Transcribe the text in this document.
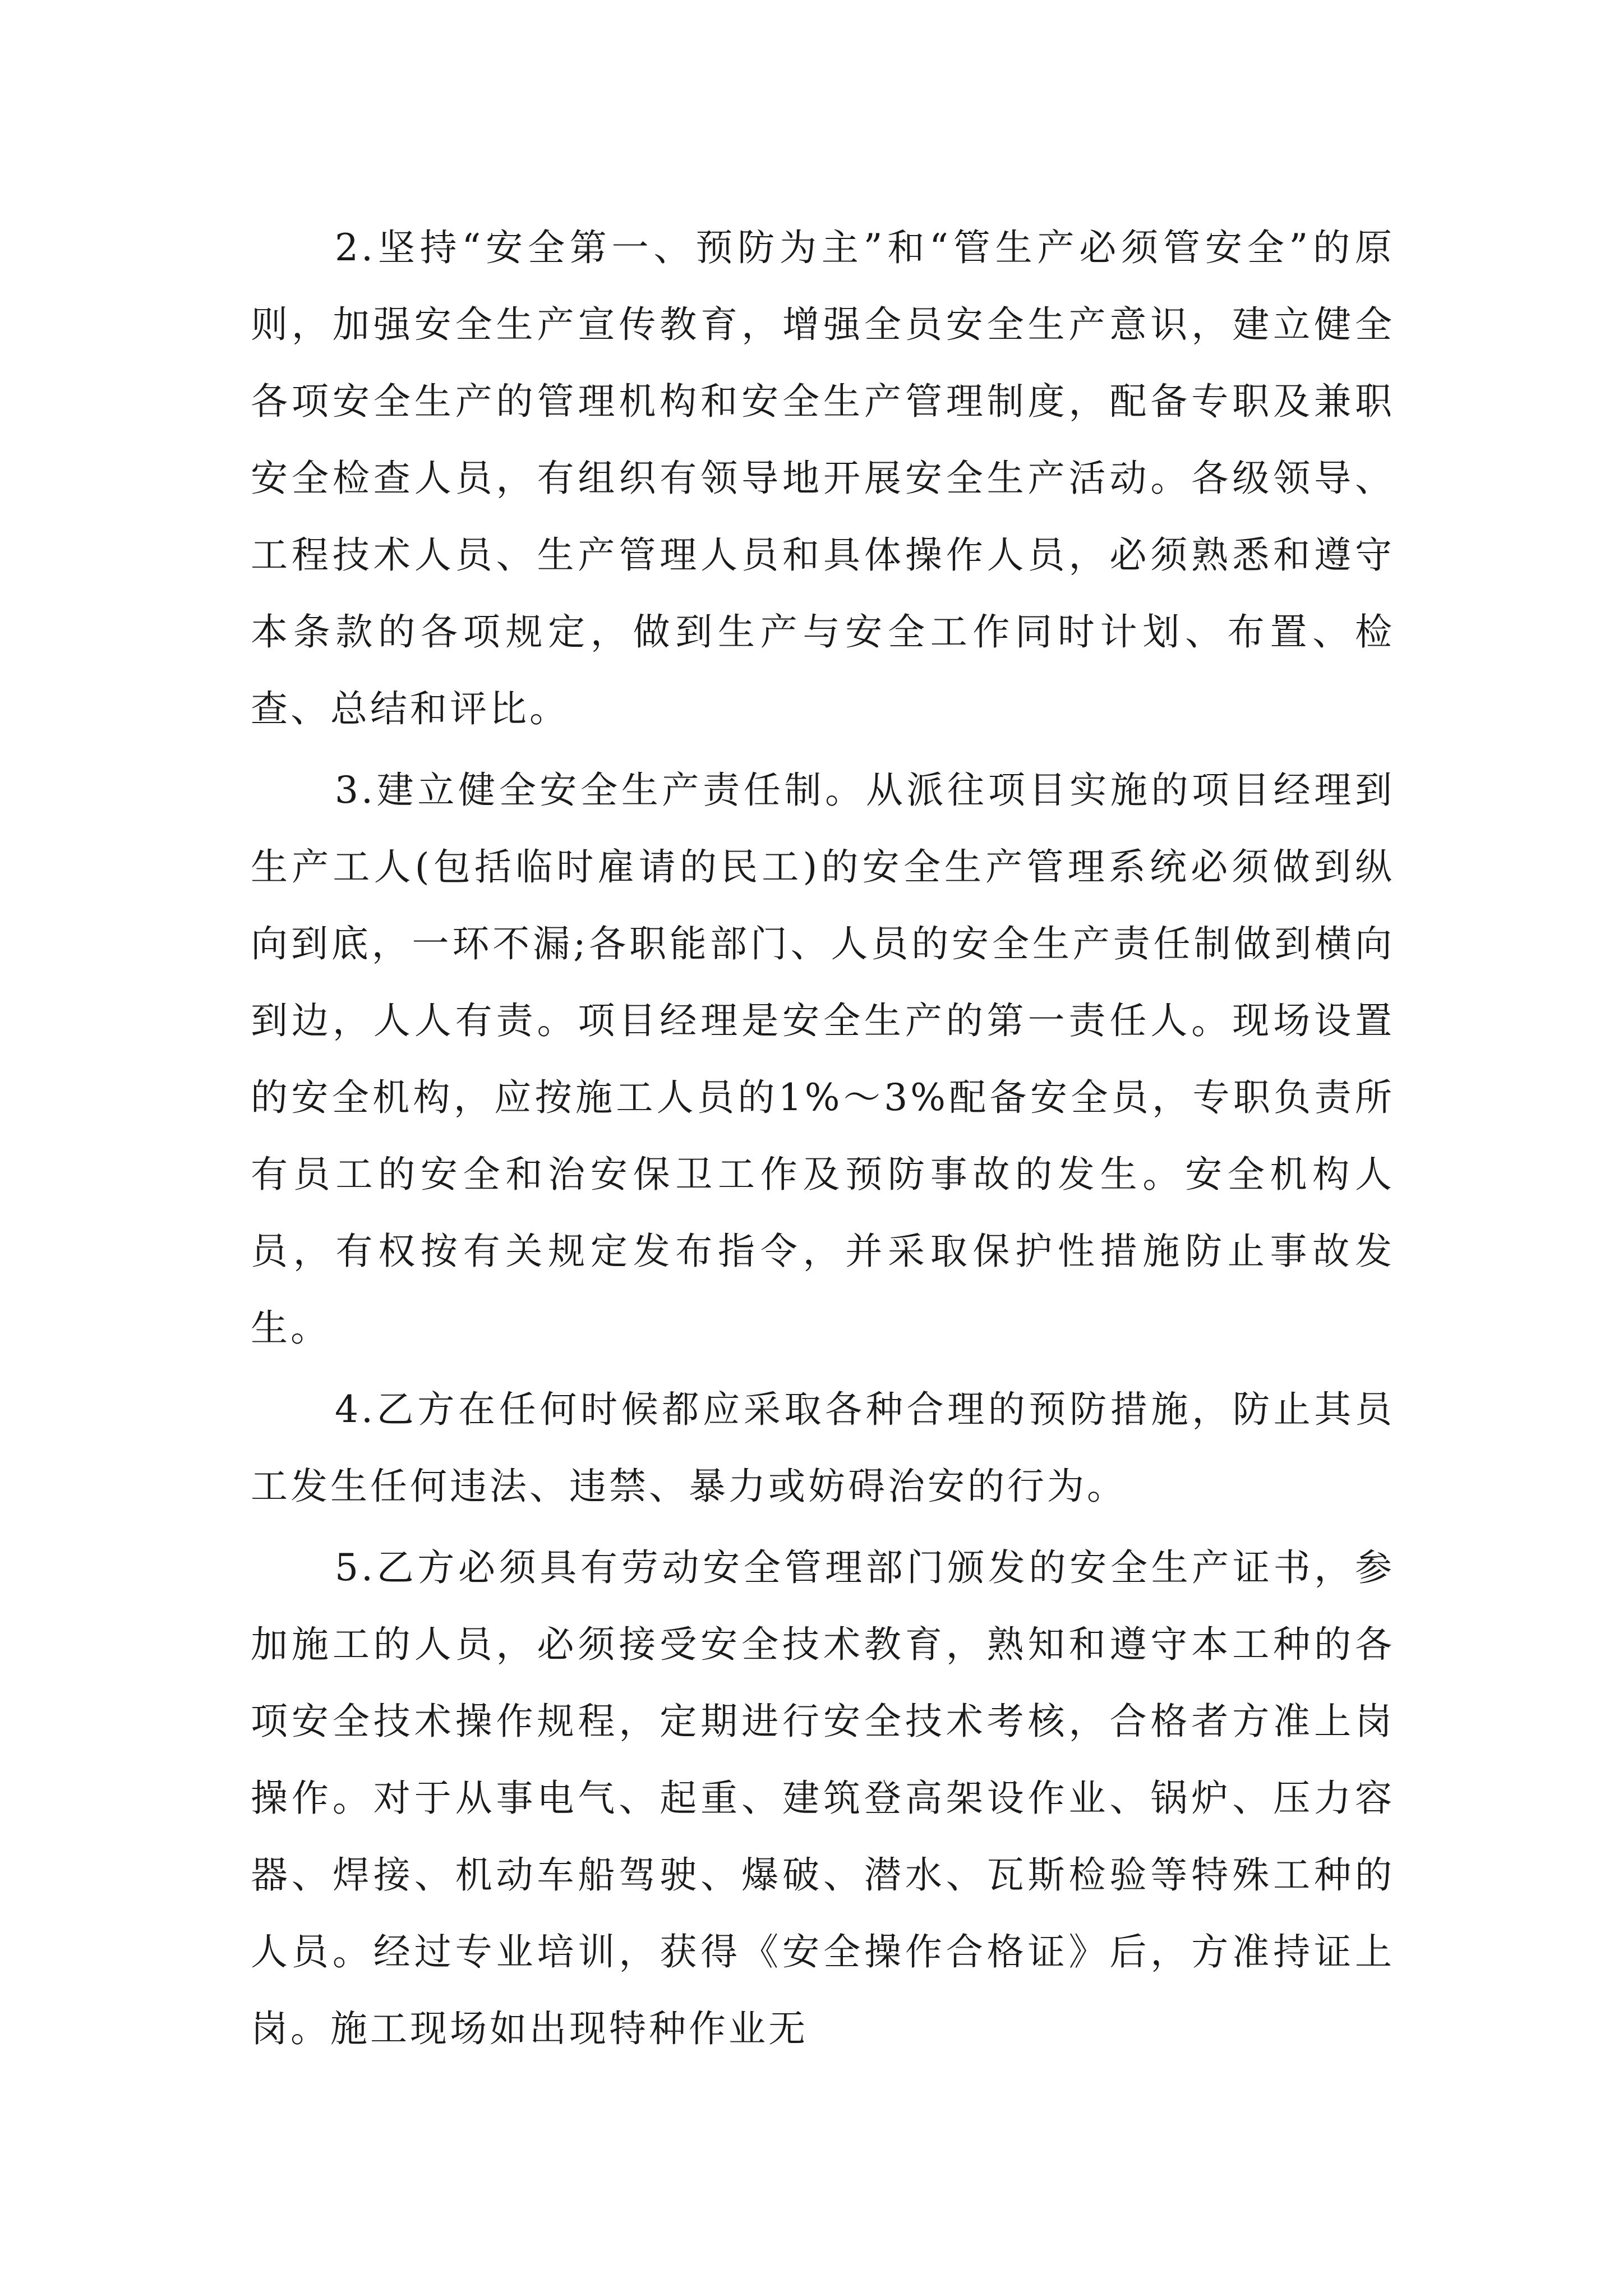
2.坚持“安全第一、预防为主”和“管生产必须管安全”的原则，加强安全生产宣传教育，增强全员安全生产意识，建立健全各项安全生产的管理机构和安全生产管理制度，配备专职及兼职安全检查人员，有组织有领导地开展安全生产活动。各级领导、工程技术人员、生产管理人员和具体操作人员，必须熟悉和遵守本条款的各项规定，做到生产与安全工作同时计划、布置、检查、总结和评比。

3.建立健全安全生产责任制。从派往项目实施的项目经理到生产工人(包括临时雇请的民工)的安全生产管理系统必须做到纵向到底，一环不漏;各职能部门、人员的安全生产责任制做到横向到边，人人有责。项目经理是安全生产的第一责任人。现场设置的安全机构，应按施工人员的1%～3%配备安全员，专职负责所有员工的安全和治安保卫工作及预防事故的发生。安全机构人员，有权按有关规定发布指令，并采取保护性措施防止事故发生。

4.乙方在任何时候都应采取各种合理的预防措施，防止其员工发生任何违法、违禁、暴力或妨碍治安的行为。

5.乙方必须具有劳动安全管理部门颁发的安全生产证书，参加施工的人员，必须接受安全技术教育，熟知和遵守本工种的各项安全技术操作规程，定期进行安全技术考核，合格者方准上岗操作。对于从事电气、起重、建筑登高架设作业、锅炉、压力容器、焊接、机动车船驾驶、爆破、潜水、瓦斯检验等特殊工种的人员。经过专业培训，获得《安全操作合格证》后，方准持证上岗。施工现场如出现特种作业无
